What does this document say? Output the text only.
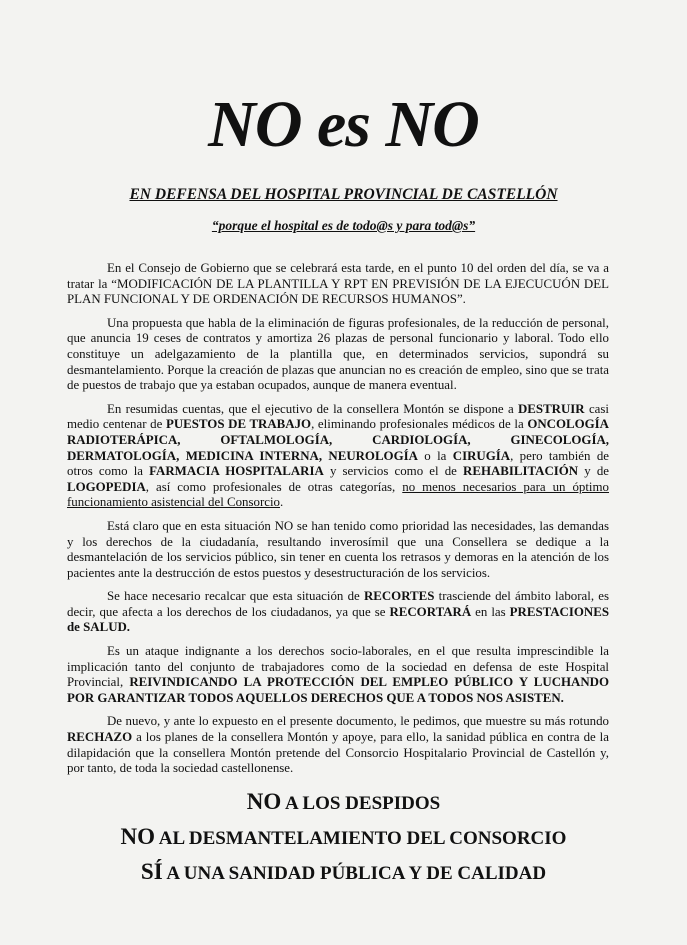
NO es NO
EN DEFENSA DEL HOSPITAL PROVINCIAL DE CASTELLÓN
“porque el hospital es de todo@s y para tod@s”

En el Consejo de Gobierno que se celebrará esta tarde, en el punto 10 del orden del día, se va a tratar la “MODIFICACIÓN DE LA PLANTILLA Y RPT EN PREVISIÓN DE LA EJECUCUÓN DEL PLAN FUNCIONAL Y DE ORDENACIÓN DE RECURSOS HUMANOS”.

Una propuesta que habla de la eliminación de figuras profesionales, de la reducción de personal, que anuncia 19 ceses de contratos y amortiza 26 plazas de personal funcionario y laboral. Todo ello constituye un adelgazamiento de la plantilla que, en determinados servicios, supondrá su desmantelamiento. Porque la creación de plazas que anuncian no es creación de empleo, sino que se trata de puestos de trabajo que ya estaban ocupados, aunque de manera eventual.

En resumidas cuentas, que el ejecutivo de la consellera Montón se dispone a DESTRUIR casi medio centenar de PUESTOS DE TRABAJO, eliminando profesionales médicos de la ONCOLOGÍA RADIOTERÁPICA, OFTALMOLOGÍA, CARDIOLOGÍA, GINECOLOGÍA, DERMATOLOGÍA, MEDICINA INTERNA, NEUROLOGÍA o la CIRUGÍA, pero también de otros como la FARMACIA HOSPITALARIA y servicios como el de REHABILITACIÓN y de LOGOPEDIA, así como profesionales de otras categorías, no menos necesarios para un óptimo funcionamiento asistencial del Consorcio.

Está claro que en esta situación NO se han tenido como prioridad las necesidades, las demandas y los derechos de la ciudadanía, resultando inverosímil que una Consellera se dedique a la desmantelación de los servicios público, sin tener en cuenta los retrasos y demoras en la atención de los pacientes ante la destrucción de estos puestos y desestructuración de los servicios.

Se hace necesario recalcar que esta situación de RECORTES trasciende del ámbito laboral, es decir, que afecta a los derechos de los ciudadanos, ya que se RECORTARÁ en las PRESTACIONES de SALUD.

Es un ataque indignante a los derechos socio-laborales, en el que resulta imprescindible la implicación tanto del conjunto de trabajadores como de la sociedad en defensa de este Hospital Provincial, REIVINDICANDO LA PROTECCIÓN DEL EMPLEO PÚBLICO Y LUCHANDO POR GARANTIZAR TODOS AQUELLOS DERECHOS QUE A TODOS NOS ASISTEN.

De nuevo, y ante lo expuesto en el presente documento, le pedimos, que muestre su más rotundo RECHAZO a los planes de la consellera Montón y apoye, para ello, la sanidad pública en contra de la dilapidación que la consellera Montón pretende del Consorcio Hospitalario Provincial de Castellón y, por tanto, de toda la sociedad castellonense.

NO A LOS DESPIDOS
NO AL DESMANTELAMIENTO DEL CONSORCIO
SÍ A UNA SANIDAD PÚBLICA Y DE CALIDAD
